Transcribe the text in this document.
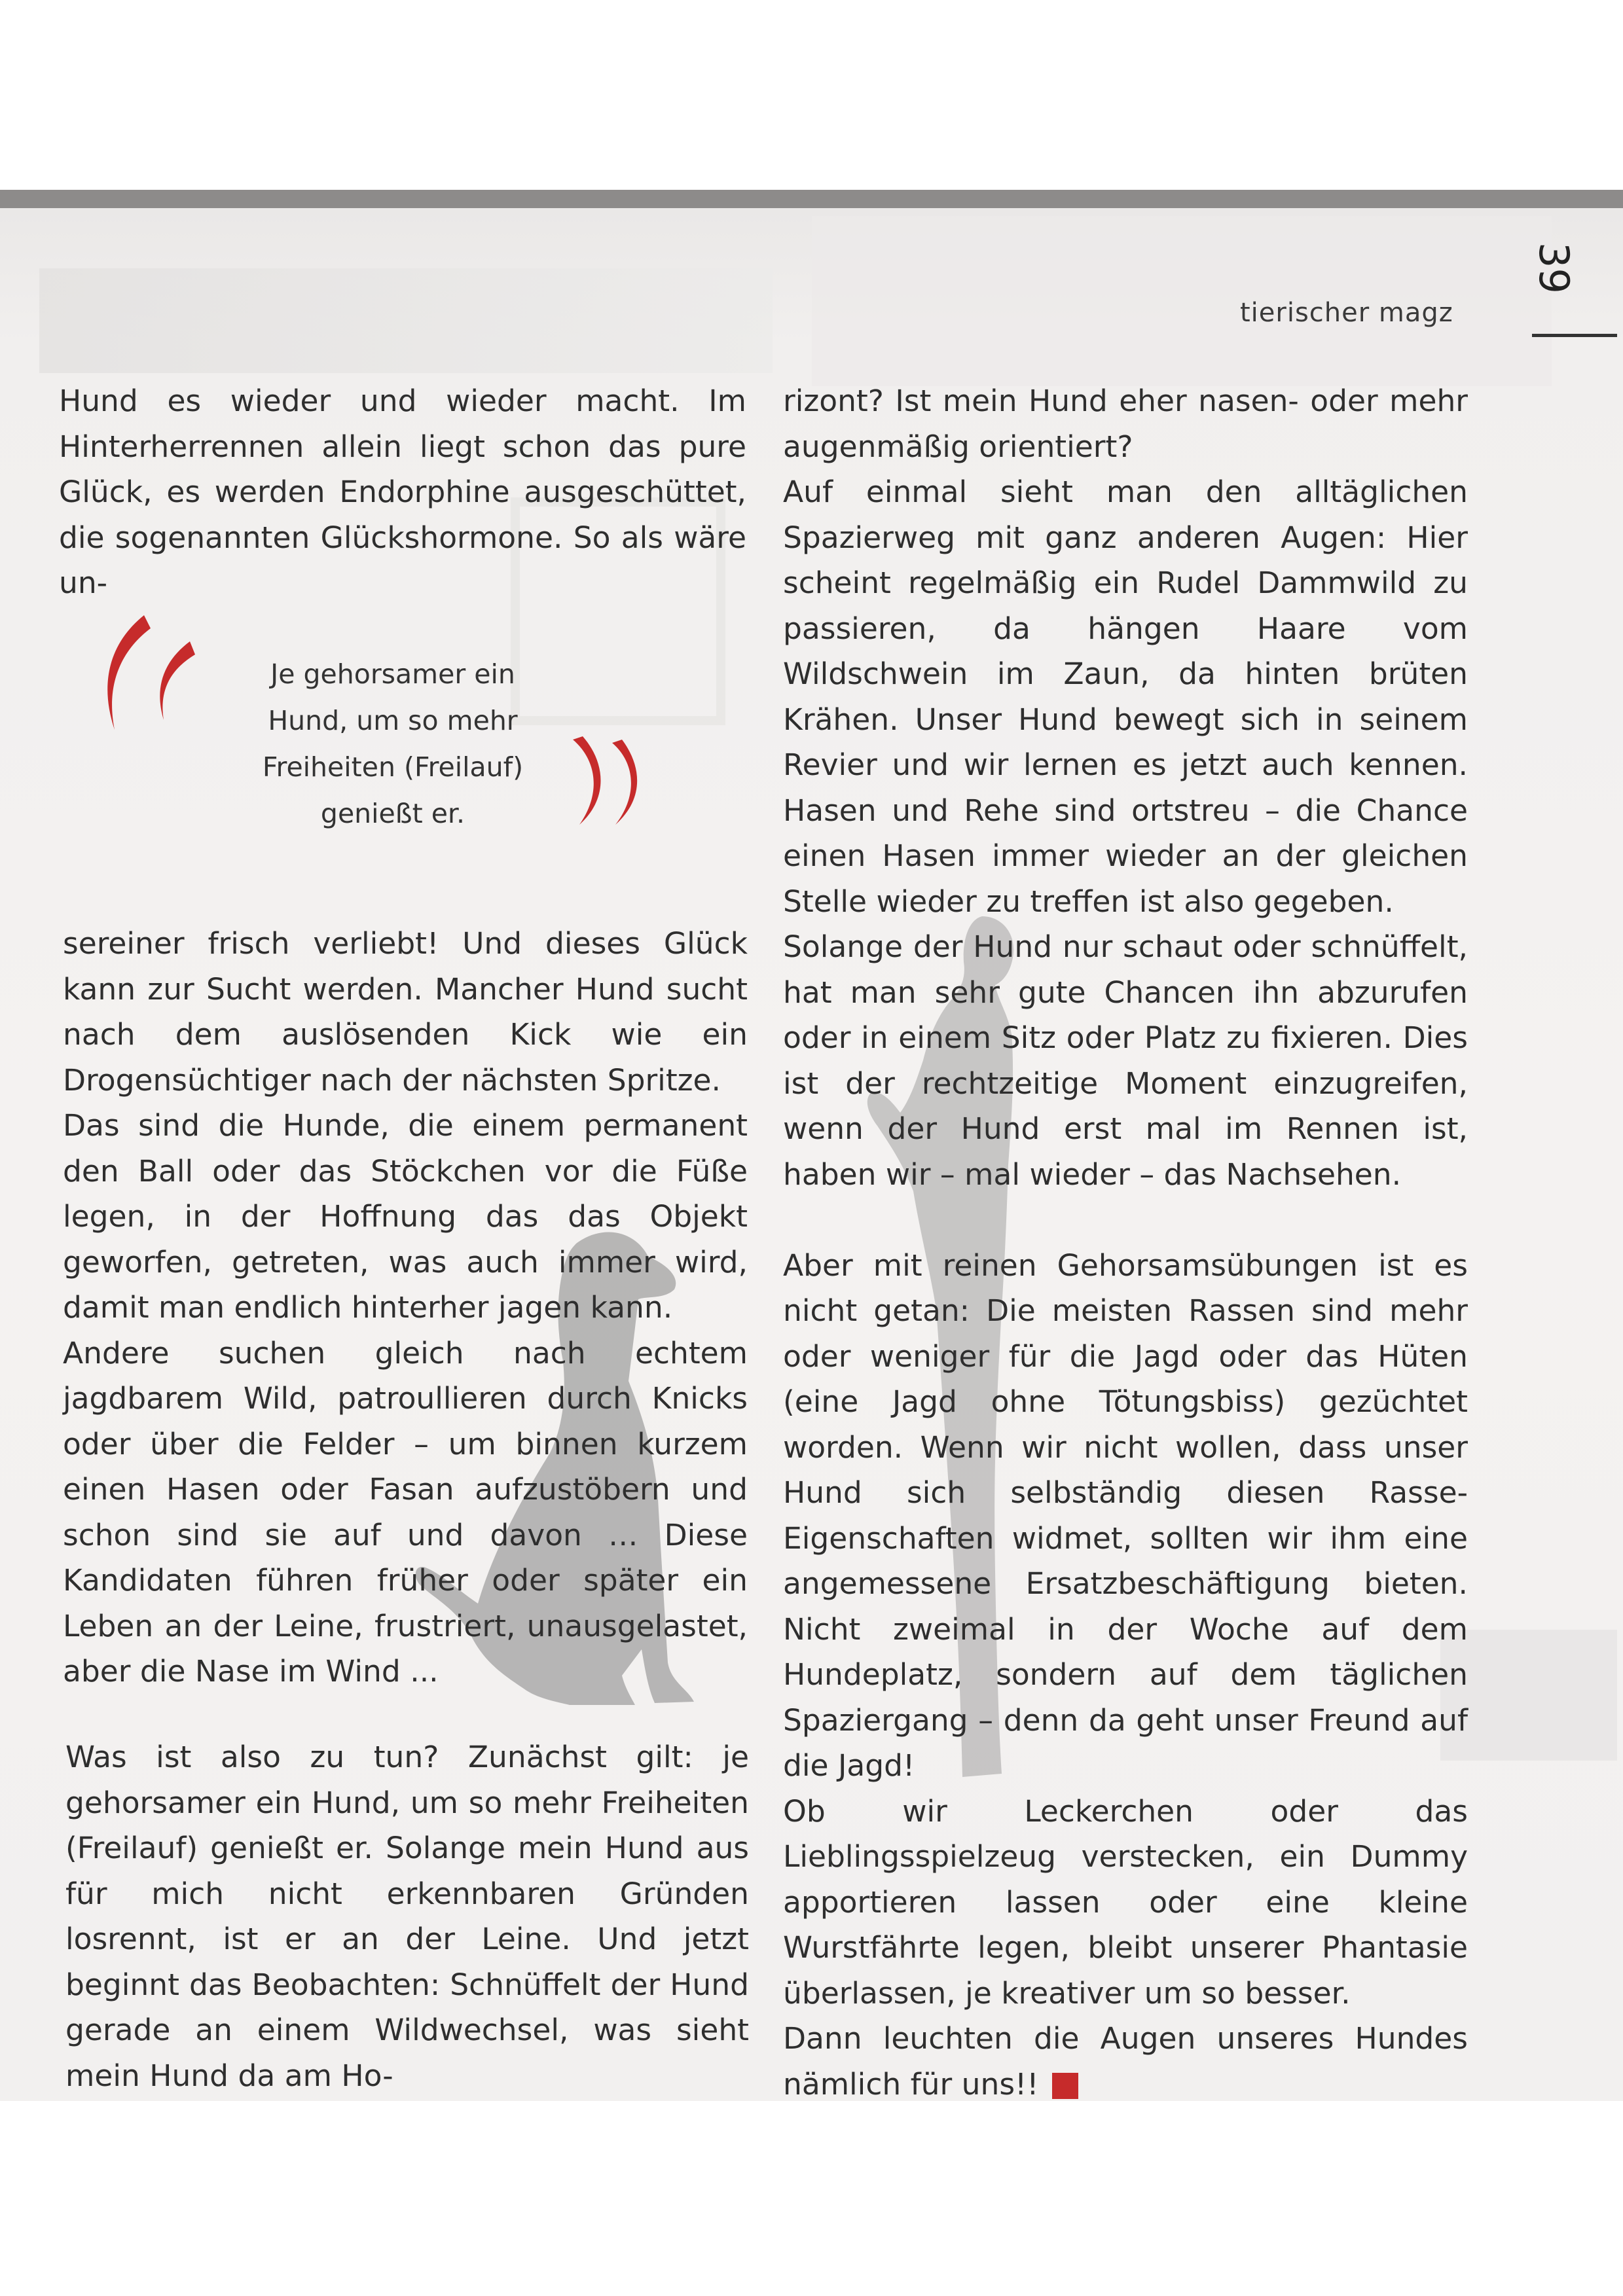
39
tierischer magz
Je gehorsamer ein
Hund, um so mehr
Freiheiten (Freilauf)
genießt er.

Hund es wieder und wieder macht. Im Hinterherrennen allein liegt schon das pure Glück, es werden Endorphine ausgeschüttet, die sogenannten Glückshormone. So als wäre un-

sereiner frisch verliebt! Und dieses Glück kann zur Sucht werden. Mancher Hund sucht nach dem auslösenden Kick wie ein Drogensüchtiger nach der nächsten Spritze.

Das sind die Hunde, die einem permanent den Ball oder das Stöckchen vor die Füße legen, in der Hoffnung das das Objekt geworfen, getreten, was auch immer wird, damit man endlich hinterher jagen kann.

Andere suchen gleich nach echtem jagdbarem Wild, patroullieren durch Knicks oder über die Felder – um binnen kurzem einen Hasen oder Fasan aufzustöbern und schon sind sie auf und davon … Diese Kandidaten führen früher oder später ein Leben an der Leine, frustriert, unausgelastet, aber die Nase im Wind ...

Was ist also zu tun? Zunächst gilt: je gehorsamer ein Hund, um so mehr Freiheiten (Freilauf) genießt er. Solange mein Hund aus für mich nicht erkennbaren Gründen losrennt, ist er an der Leine. Und jetzt beginnt das Beobachten: Schnüffelt der Hund gerade an einem Wildwechsel, was sieht mein Hund da am Ho-

rizont? Ist mein Hund eher nasen- oder mehr augenmäßig orientiert?

Auf einmal sieht man den alltäglichen Spazierweg mit ganz anderen Augen: Hier scheint regelmäßig ein Rudel Dammwild zu passieren, da hängen Haare vom Wildschwein im Zaun, da hinten brüten Krähen. Unser Hund bewegt sich in seinem Revier und wir lernen es jetzt auch kennen. Hasen und Rehe sind ortstreu – die Chance einen Hasen immer wieder an der gleichen Stelle wieder zu treffen ist also gegeben.

Solange der Hund nur schaut oder schnüffelt, hat man sehr gute Chancen ihn abzurufen oder in einem Sitz oder Platz zu fixieren. Dies ist der rechtzeitige Moment einzugreifen, wenn der Hund erst mal im Rennen ist, haben wir – mal wieder – das Nachsehen.

Aber mit reinen Gehorsamsübungen ist es nicht getan: Die meisten Rassen sind mehr oder weniger für die Jagd oder das Hüten (eine Jagd ohne Tötungsbiss) gezüchtet worden. Wenn wir nicht wollen, dass unser Hund sich selbständig diesen Rasse-Eigenschaften widmet, sollten wir ihm eine angemessene Ersatzbeschäftigung bieten. Nicht zweimal in der Woche auf dem Hundeplatz, sondern auf dem täglichen Spaziergang – denn da geht unser Freund auf die Jagd!

Ob wir Leckerchen oder das Lieblingsspielzeug verstecken, ein Dummy apportieren lassen oder eine kleine Wurstfährte legen, bleibt unserer Phantasie überlassen, je kreativer um so besser.

Dann leuchten die Augen unseres Hundes nämlich für uns!!
